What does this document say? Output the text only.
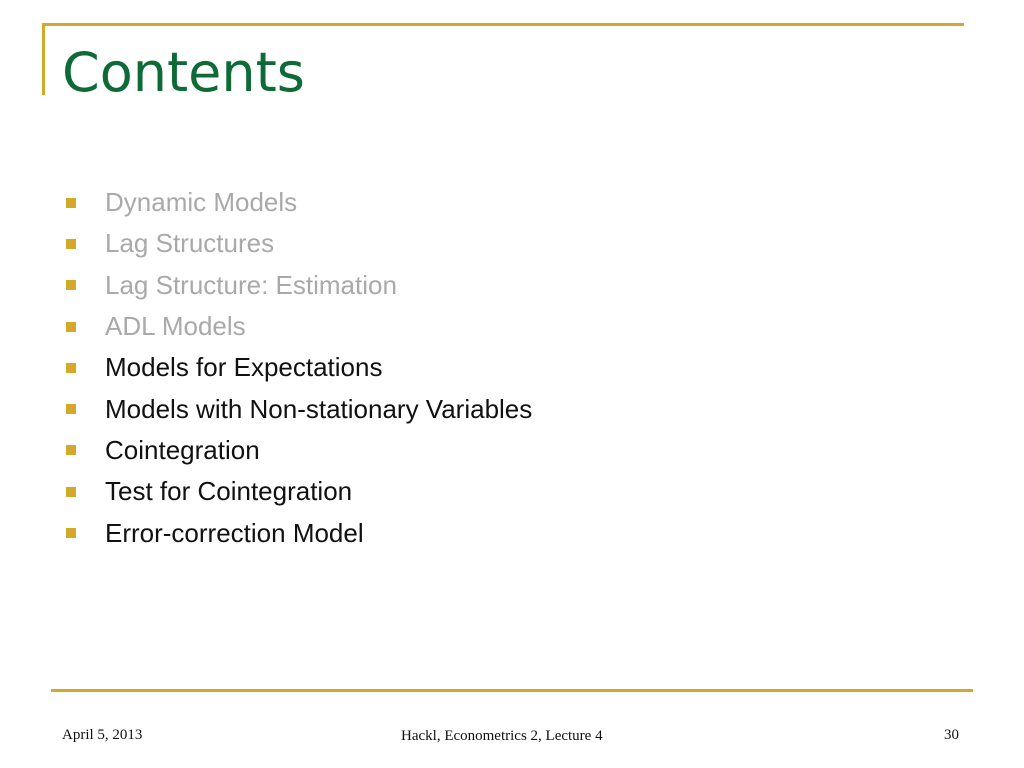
Contents
Dynamic Models
Lag Structures
Lag Structure: Estimation
ADL Models
Models for Expectations
Models with Non-stationary Variables
Cointegration
Test for Cointegration
Error-correction Model
April 5, 2013	Hackl, Econometrics 2, Lecture 4	30
